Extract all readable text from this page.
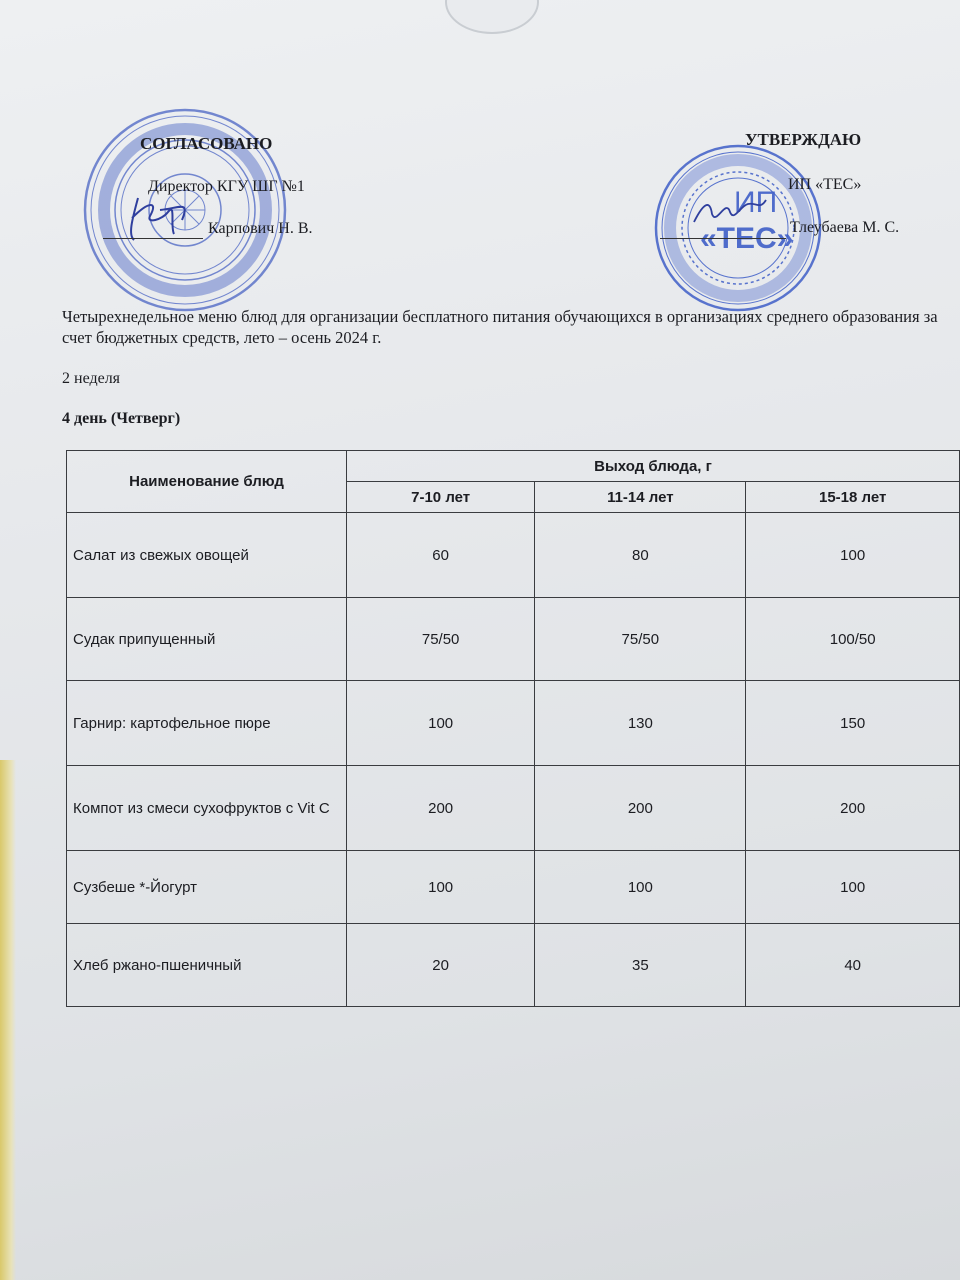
СОГЛАСОВАНО
Директор КГУ ШГ №1
Карпович Н. В.
ИП
«ТЕС»
УТВЕРЖДАЮ
ИП «ТЕС»
Тлеубаева М. С.
Четырехнедельное меню блюд для организации бесплатного питания обучающихся в организациях среднего образования за счет бюджетных средств, лето – осень 2024 г.
2 неделя
4 день (Четверг)
Наименование блюд	Выход блюда, г		
	7-10 лет	11-14 лет	15-18 лет
Салат из свежых овощей	60	80	100
Судак припущенный	75/50	75/50	100/50
Гарнир: картофельное пюре	100	130	150
Компот из смеси сухофруктов с Vit C	200	200	200
Сузбеше *-Йогурт	100	100	100
Хлеб ржано-пшеничный	20	35	40
